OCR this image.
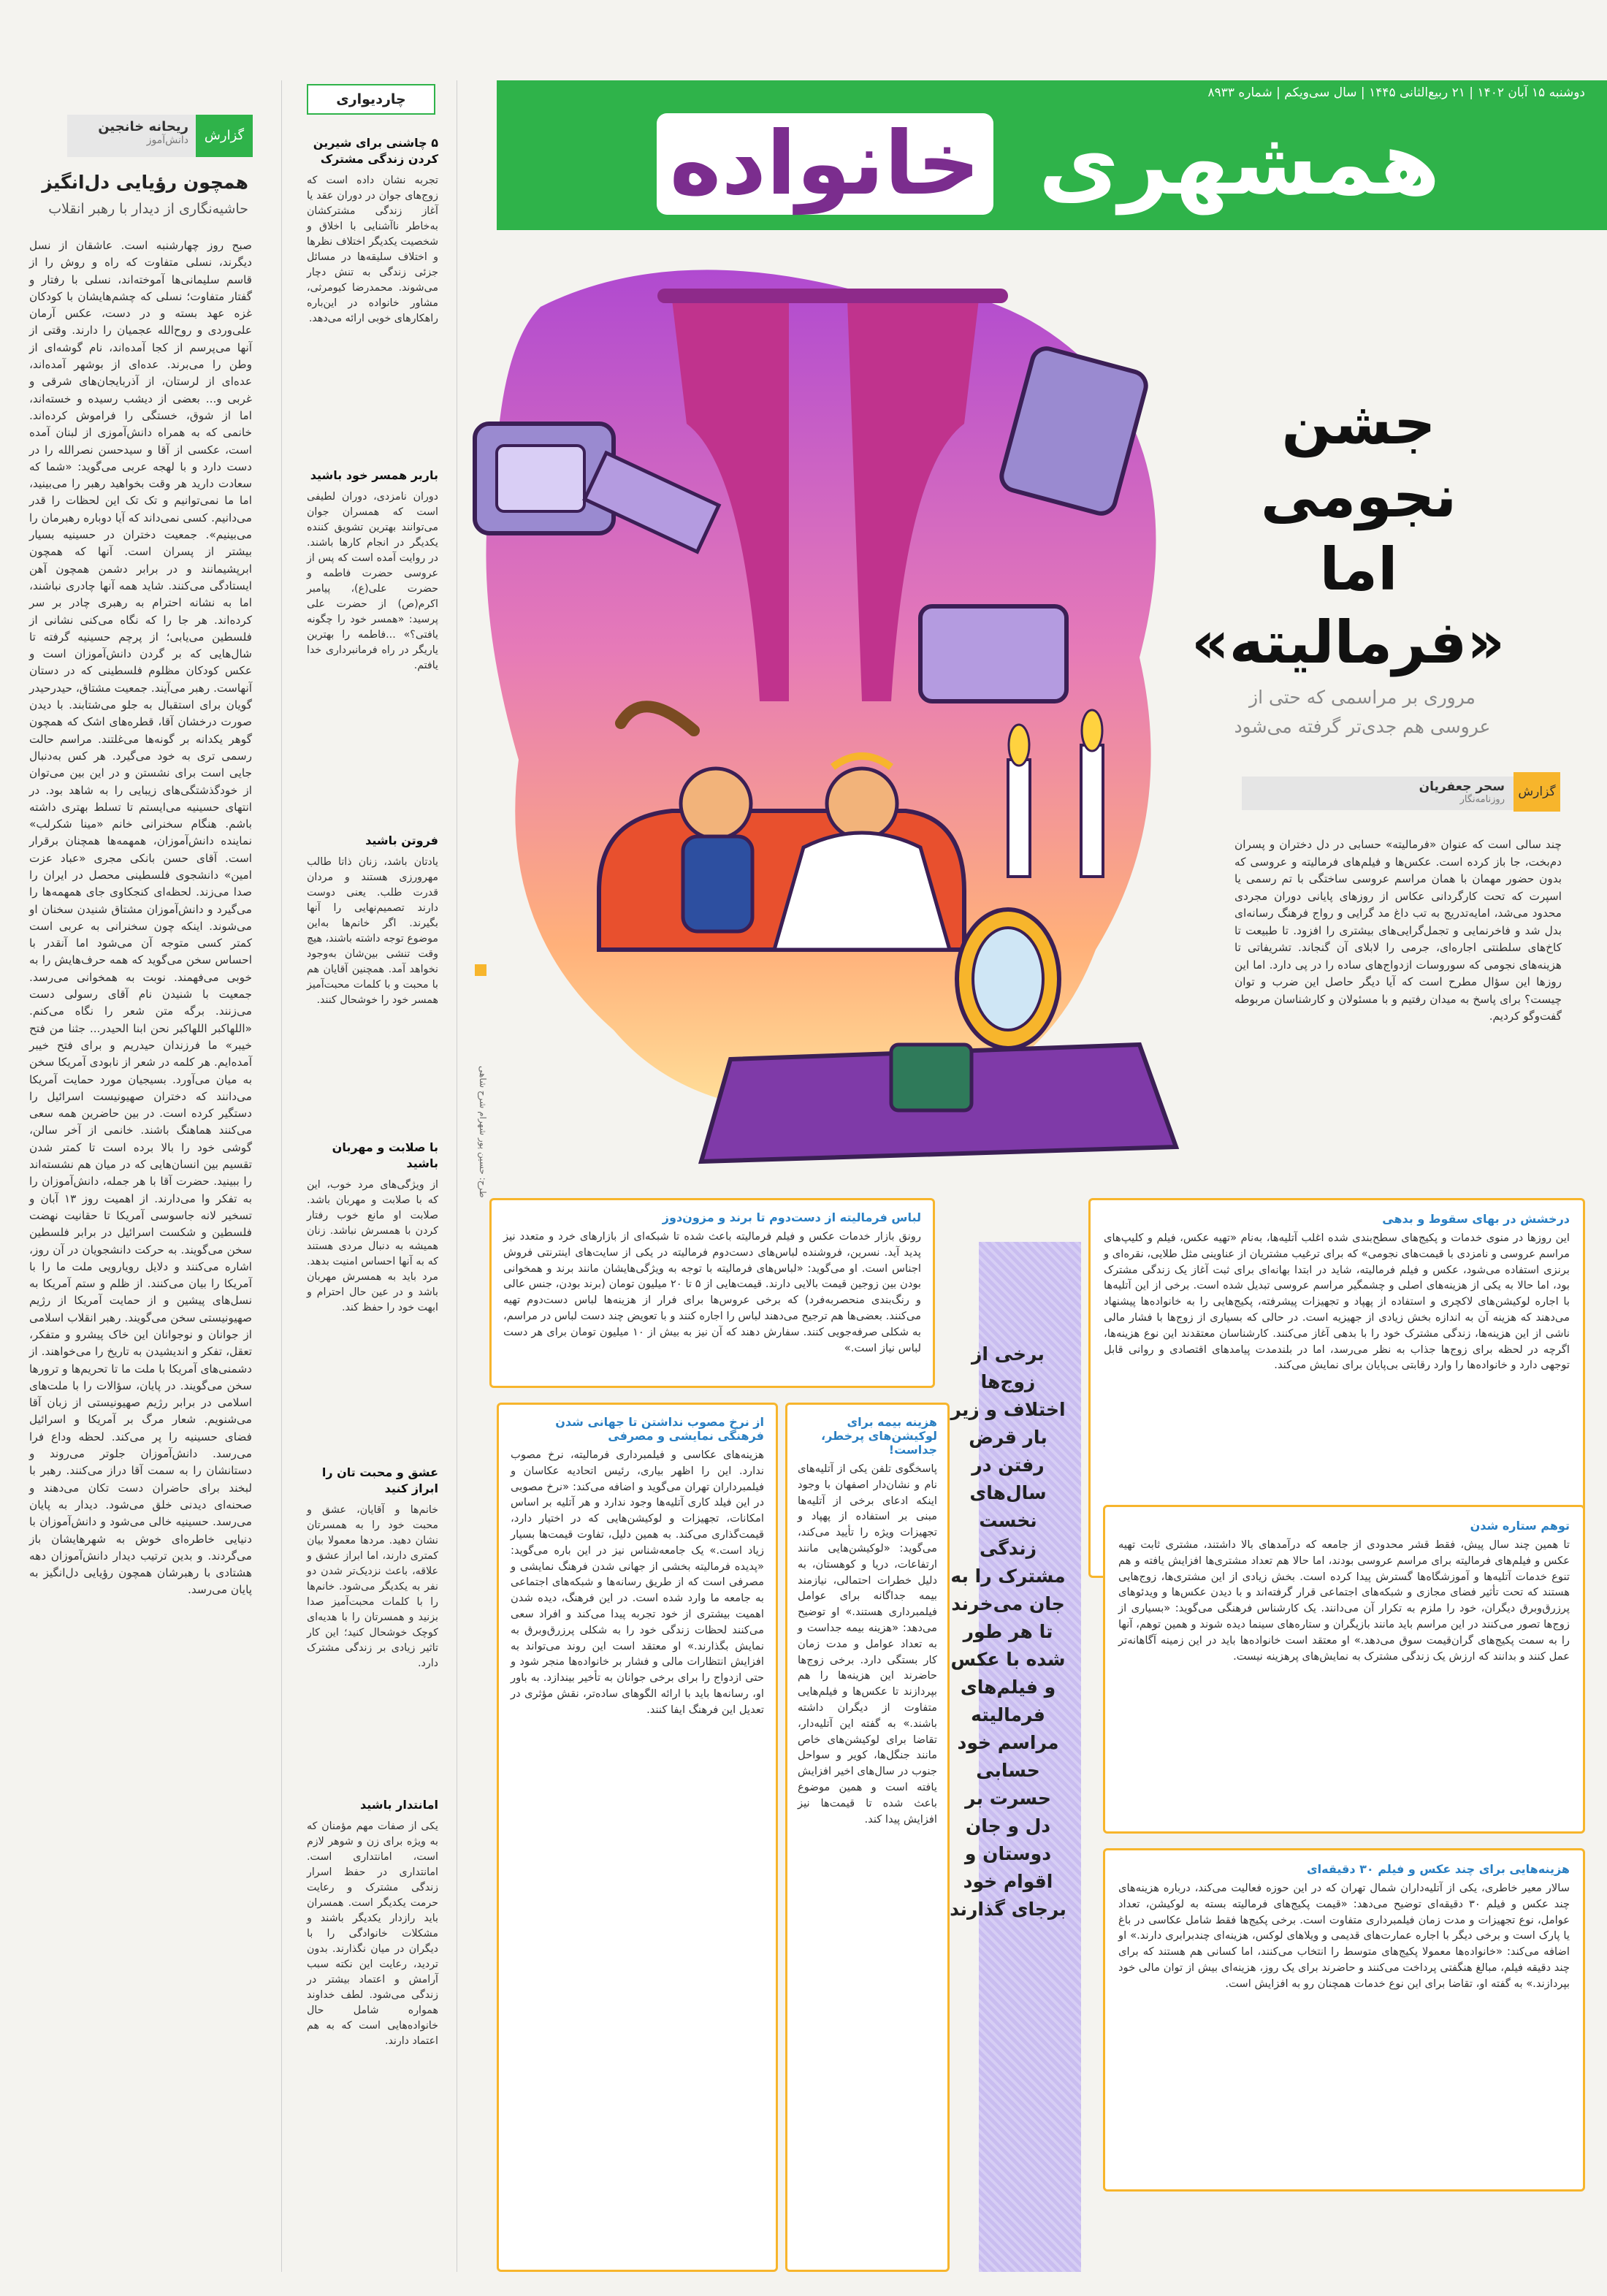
دوشنبه ۱۵ آبان ۱۴۰۲ | ۲۱ ربیع‌الثانی ۱۴۴۵ | سال سی‌ویکم | شماره ۸۹۳۳
همشهری خانواده
گزارش
ریحانه خانجین
دانش‌آموز
همچون رؤیایی دل‌انگیز
حاشیه‌نگاری از دیدار با رهبر انقلاب
صبح روز چهارشنبه است. عاشقان از نسل دیگرند، نسلی متفاوت که راه و روش را از قاسم سلیمانی‌ها آموخته‌اند، نسلی با رفتار و گفتار متفاوت؛ نسلی که چشم‌هایشان با کودکان غزه عهد بسته و در دست، عکس آرمان علی‌وردی و روح‌الله عجمیان را دارند. وقتی از آنها می‌پرسم از کجا آمده‌اند، نام گوشه‌ای از وطن را می‌برند. عده‌ای از بوشهر آمده‌اند، عده‌ای از لرستان، از آذربایجان‌های شرقی و غربی و... بعضی از دیشب رسیده و خسته‌اند، اما از شوق، خستگی را فراموش کرده‌اند. خانمی که به همراه دانش‌آموزی از لبنان آمده است، عکسی از آقا و سیدحسن نصرالله را در دست دارد و با لهجه عربی می‌گوید: «شما که سعادت دارید هر وقت بخواهید رهبر را می‌بینید، اما ما نمی‌توانیم و تک تک این لحظات را قدر می‌دانیم. کسی نمی‌داند که آیا دوباره رهبرمان را می‌بینیم». جمعیت دختران در حسینیه بسیار بیشتر از پسران است. آنها که همچون ابرپشیمانند و در برابر دشمن همچون آهن ایستادگی می‌کنند. شاید همه آنها چادری نباشند، اما به نشانه احترام به رهبری چادر بر سر کرده‌اند. هر جا را که نگاه می‌کنی نشانی از فلسطین می‌یابی؛ از پرچم حسینیه گرفته تا شال‌هایی که بر گردن دانش‌آموزان است و عکس کودکان مظلوم فلسطینی که در دستان آنهاست. رهبر می‌آیند. جمعیت مشتاق، حیدرحیدر گویان برای استقبال به جلو می‌شتابند. با دیدن صورت درخشان آقا، قطره‌های اشک که همچون گوهر یکدانه بر گونه‌ها می‌غلتند. مراسم حالت رسمی تری به خود می‌گیرد. هر کس به‌دنبال جایی است برای نشستن و در این بین می‌توان از خودگذشتگی‌های زیبایی را به شاهد بود. در انتهای حسینیه می‌ایستم تا تسلط بهتری داشته باشم. هنگام سخنرانی خانم «مینا شکرلب» نماینده دانش‌آموزان، همهمه‌ها همچنان برقرار است. آقای حسن بانکی مجری «عباد عزت امین» دانشجوی فلسطینی محصل در ایران را صدا می‌زند. لحظه‌ای کنجکاوی جای همهمه‌ها را می‌گیرد و دانش‌آموزان مشتاق شنیدن سخنان او می‌شوند. اینکه چون سخنرانی به عربی است کمتر کسی متوجه آن می‌شود اما آنقدر با احساس سخن می‌گوید که همه حرف‌هایش را به خوبی می‌فهمند. نوبت به همخوانی می‌رسد. جمعیت با شنیدن نام آقای رسولی دست می‌زنند. برگه متن شعر را نگاه می‌کنم. «اللهاکبر اللهاکبر نحن ابنا الحیدر... جثنا من فتح خیبر» ما فرزندان حیدریم و برای فتح خیبر آمده‌ایم. هر کلمه در شعر از نابودی آمریکا سخن به میان می‌آورد. بسیجیان مورد حمایت آمریکا می‌دانند که دختران صهیونیست اسرائیل را دستگیر کرده است. در بین حاضرین همه سعی می‌کنند هماهنگ باشند. خانمی از آخر سالن، گوشی خود را بالا برده است تا کمتر شدن تقسیم بین انسان‌هایی که در میان هم نشسته‌اند را ببینید. حضرت آقا با هر جمله، دانش‌آموزان را به تفکر وا می‌دارند. از اهمیت روز ۱۳ آبان و تسخیر لانه جاسوسی آمریکا تا حقانیت نهضت فلسطین و شکست اسرائیل در برابر فلسطین سخن می‌گویند. به حرکت دانشجویان در آن روز، اشاره می‌کنند و دلایل رویارویی ملت ما را با آمریکا را بیان می‌کنند. از ظلم و ستم آمریکا به نسل‌های پیشین و از حمایت آمریکا از رژیم صهیونیستی سخن می‌گویند. رهبر انقلاب اسلامی از جوانان و نوجوانان این خاک پیشرو و متفکر، تعقل، تفکر و اندیشیدن به تاریخ را می‌خواهند. از دشمنی‌های آمریکا با ملت ما تا تحریم‌ها و ترورها سخن می‌گویند. در پایان، سؤالات را با ملت‌های اسلامی در برابر رژیم صهیونیستی از زبان آقا می‌شنویم. شعار مرگ بر آمریکا و اسرائیل فضای حسینیه را پر می‌کند. لحظه وداع فرا می‌رسد. دانش‌آموزان جلوتر می‌روند و دستانشان را به سمت آقا دراز می‌کنند. رهبر با لبخند برای حاضران دست تکان می‌دهند و صحنه‌ای دیدنی خلق می‌شود. دیدار به پایان می‌رسد. حسینیه خالی می‌شود و دانش‌آموزان با دنیایی خاطره‌ای خوش به شهرهایشان باز می‌گردند. و بدین ترتیب دیدار دانش‌آموزان دهه هشتادی با رهبرشان همچون رؤیایی دل‌انگیز به پایان می‌رسد.
چاردیواری
۵ چاشنی برای شیرین کردن زندگی مشترک
تجربه نشان داده است که زوج‌های جوان در دوران عقد یا آغاز زندگی مشترکشان به‌خاطر ناآشنایی با اخلاق و شخصیت یکدیگر اختلاف نظرها و اختلاف سلیقه‌ها در مسائل جزئی زندگی به تنش دچار می‌شوند. محمدرضا کیومرثی، مشاور خانواده در این‌باره راهکارهای خوبی ارائه می‌دهد.
باربر همسر خود باشید
دوران نامزدی، دوران لطیفی است که همسران جوان می‌توانند بهترین تشویق کننده یکدیگر در انجام کارها باشند. در روایت آمده است که پس از عروسی حضرت فاطمه و حضرت علی(ع)، پیامبر اکرم(ص) از حضرت علی پرسید: «همسر خود را چگونه یافتی؟» ...فاطمه را بهترین یاریگر در راه فرمانبرداری خدا یافتم.
فروتن باشید
یادتان باشد، زنان ذاتا طالب مهرورزی هستند و مردان قدرت طلب. یعنی دوست دارند تصمیم‌نهایی را آنها بگیرند. اگر خانم‌ها به‌این موضوع توجه داشته باشند، هیچ وقت تنشی بین‌شان به‌وجود نخواهد آمد. همچنین آقایان هم با محبت و با کلمات محبت‌آمیز همسر خود را خوشحال کنند.
با صلابت و مهربان باشید
از ویژگی‌های مرد خوب، این که با صلابت و مهربان باشد. صلابت او مانع خوب رفتار کردن با همسرش نباشد. زنان همیشه به دنبال مردی هستند که به آنها احساس امنیت بدهد. مرد باید به همسرش مهربان باشد و در عین حال احترام و ابهت خود را حفظ کند.
عشق و محبت تان را ابراز کنید
خانم‌ها و آقایان، عشق و محبت خود را به همسرتان نشان دهید. مردها معمولا بیان کمتری دارند، اما ابراز عشق و علاقه، باعث نزدیک‌تر شدن دو نفر به یکدیگر می‌شود. خانم‌ها را با کلمات محبت‌آمیز صدا بزنید و همسرتان را با هدیه‌ای کوچک خوشحال کنید؛ این کار تاثیر زیادی بر زندگی مشترک دارد.
امانتدار باشید
یکی از صفات مهم مؤمنان که به ویژه برای زن و شوهر لازم است، امانتداری است. امانتداری در حفظ اسرار زندگی مشترک و رعایت حرمت یکدیگر است. همسران باید رازدار یکدیگر باشند و مشکلات خانوادگی را با دیگران در میان نگذارند. بدون تردید، رعایت این نکته سبب آرامش و اعتماد بیشتر در زندگی می‌شود. لطف خداوند همواره شامل حال خانواده‌هایی است که به هم اعتماد دارند.
طرح: حسین پور شهرام شرح شاهی
جشن نجومی اما «فرمالیته»
مروری بر مراسمی که حتی از عروسی هم جدی‌تر گرفته می‌شود
گزارش
سحر جعفریان
روزنامه‌نگار
چند سالی است که عنوان «فرمالیته» حسابی در دل دختران و پسران دم‌بخت، جا باز کرده است. عکس‌ها و فیلم‌های فرمالیته و عروسی که بدون حضور مهمان با همان مراسم عروسی ساختگی با تم رسمی یا اسپرت که تحت کارگردانی عکاس از روزهای پایانی دوران مجردی محدود می‌شد، امایه‌تدریج به تب داغ مد گرایی و رواج فرهنگ رسانه‌ای بدل شد و فاخرنمایی و تجمل‌گرایی‌های بیشتری را افزود. تا طبیعت تا کاخ‌های سلطنتی اجاره‌ای، جرمی را لابلای آن گنجاند. تشریفاتی تا هزینه‌های نجومی که سوروسات ازدواج‌های ساده را در پی دارد. اما این روزها این سؤال مطرح است که آیا دیگر حاصل این ضرب و توان چیست؟ برای پاسخ به میدان رفتیم و با مسئولان و کارشناسان مربوطه گفت‌وگو کردیم.
درخشش در بهای سقوط و بدهی
این روزها در منوی خدمات و پکیج‌های سطح‌بندی شده اغلب آتلیه‌ها، به‌نام «تهیه عکس، فیلم و کلیپ‌های مراسم عروسی و نامزدی با قیمت‌های نجومی» که برای ترغیب مشتریان از عناوینی مثل طلایی، نقره‌ای و برنزی استفاده می‌شود، عکس و فیلم فرمالیته، شاید در ابتدا بهانه‌ای برای ثبت آغاز یک زندگی مشترک بود، اما حالا به یکی از هزینه‌های اصلی و چشمگیر مراسم عروسی تبدیل شده است. برخی از این آتلیه‌ها با اجاره لوکیشن‌های لاکچری و استفاده از پهپاد و تجهیزات پیشرفته، پکیج‌هایی را به خانواده‌ها پیشنهاد می‌دهند که هزینه آن به اندازه بخش زیادی از جهیزیه است. در حالی که بسیاری از زوج‌ها با فشار مالی ناشی از این هزینه‌ها، زندگی مشترک خود را با بدهی آغاز می‌کنند. کارشناسان معتقدند این نوع هزینه‌ها، اگرچه در لحظه برای زوج‌ها جذاب به نظر می‌رسد، اما در بلندمدت پیامدهای اقتصادی و روانی قابل توجهی دارد و خانواده‌ها را وارد رقابتی بی‌پایان برای نمایش می‌کند.
توهم ستاره شدن
تا همین چند سال پیش، فقط قشر محدودی از جامعه که درآمدهای بالا داشتند، مشتری ثابت تهیه عکس و فیلم‌های فرمالیته برای مراسم عروسی بودند، اما حالا هم تعداد مشتری‌ها افزایش یافته و هم تنوع خدمات آتلیه‌ها و آموزشگاه‌ها گسترش پیدا کرده است. بخش زیادی از این مشتری‌ها، زوج‌هایی هستند که تحت تأثیر فضای مجازی و شبکه‌های اجتماعی قرار گرفته‌اند و با دیدن عکس‌ها و ویدئوهای پرزرق‌وبرق دیگران، خود را ملزم به تکرار آن می‌دانند. یک کارشناس فرهنگی می‌گوید: «بسیاری از زوج‌ها تصور می‌کنند در این مراسم باید مانند بازیگران و ستاره‌های سینما دیده شوند و همین توهم، آنها را به سمت پکیج‌های گران‌قیمت سوق می‌دهد.» او معتقد است خانواده‌ها باید در این زمینه آگاهانه‌تر عمل کنند و بدانند که ارزش یک زندگی مشترک به نمایش‌های پرهزینه نیست.
هزینه‌هایی برای چند عکس و فیلم ۳۰ دقیقه‌ای
سالار معیر خاطری، یکی از آتلیه‌داران شمال تهران که در این حوزه فعالیت می‌کند، درباره هزینه‌های چند عکس و فیلم ۳۰ دقیقه‌ای توضیح می‌دهد: «قیمت پکیج‌های فرمالیته بسته به لوکیشن، تعداد عوامل، نوع تجهیزات و مدت زمان فیلمبرداری متفاوت است. برخی پکیج‌ها فقط شامل عکاسی در باغ یا پارک است و برخی دیگر با اجاره عمارت‌های قدیمی و ویلاهای لوکس، هزینه‌ای چندبرابری دارند.» او اضافه می‌کند: «خانواده‌ها معمولا پکیج‌های متوسط را انتخاب می‌کنند، اما کسانی هم هستند که برای چند دقیقه فیلم، مبالغ هنگفتی پرداخت می‌کنند و حاضرند برای یک روز، هزینه‌ای بیش از توان مالی خود بپردازند.» به گفته او، تقاضا برای این نوع خدمات همچنان رو به افزایش است.
لباس فرمالیته از دست‌دوم تا برند و مزون‌دوز
رونق بازار خدمات عکس و فیلم فرمالیته باعث شده تا شبکه‌ای از بازارهای خرد و متعدد نیز پدید آید. نسرین، فروشنده لباس‌های دست‌دوم فرمالیته در یکی از سایت‌های اینترنتی فروش اجناس است. او می‌گوید: «لباس‌های فرمالیته با توجه به ویژگی‌هایشان مانند برند و همخوانی بودن بین زوجین قیمت بالایی دارند. قیمت‌هایی از ۵ تا ۲۰ میلیون تومان (برند بودن، جنس عالی و رنگ‌بندی منحصربه‌فرد) که برخی عروس‌ها برای فرار از هزینه‌ها لباس دست‌دوم تهیه می‌کنند. بعضی‌ها هم ترجیح می‌دهند لباس را اجاره کنند و با تعویض چند دست لباس در مراسم، به شکلی صرفه‌جویی کنند. سفارش دهند که آن نیز به بیش از ۱۰ میلیون تومان برای هر دست لباس نیاز است.»
از نرخ مصوب نداشتن تا جهانی شدن فرهنگی نمایشی و مصرفی
هزینه‌های عکاسی و فیلمبرداری فرمالیته، نرخ مصوب ندارد. این را اظهر بیاری، رئیس اتحادیه عکاسان و فیلمبرداران تهران می‌گوید و اضافه می‌کند: «نرخ مصوبی در این فیلد کاری آتلیه‌ها وجود ندارد و هر آتلیه بر اساس امکانات، تجهیزات و لوکیشن‌هایی که در اختیار دارد، قیمت‌گذاری می‌کند. به همین دلیل، تفاوت قیمت‌ها بسیار زیاد است.» یک جامعه‌شناس نیز در این باره می‌گوید: «پدیده فرمالیته بخشی از جهانی شدن فرهنگ نمایشی و مصرفی است که از طریق رسانه‌ها و شبکه‌های اجتماعی به جامعه ما وارد شده است. در این فرهنگ، دیده شدن اهمیت بیشتری از خود تجربه پیدا می‌کند و افراد سعی می‌کنند لحظات زندگی خود را به شکلی پرزرق‌وبرق به نمایش بگذارند.» او معتقد است این روند می‌تواند به افزایش انتظارات مالی و فشار بر خانواده‌ها منجر شود و حتی ازدواج را برای برخی جوانان به تأخیر بیندازد. به باور او، رسانه‌ها باید با ارائه الگوهای ساده‌تر، نقش مؤثری در تعدیل این فرهنگ ایفا کنند.
هزینه بیمه برای لوکیشن‌های پرخطر، جداست!
پاسخگوی تلفن یکی از آتلیه‌های نام و نشان‌دار اصفهان با وجود اینکه ادعای برخی از آتلیه‌ها مبنی بر استفاده از پهپاد و تجهیزات ویژه را تأیید می‌کند، می‌گوید: «لوکیشن‌هایی مانند ارتفاعات، دریا و کوهستان، به دلیل خطرات احتمالی، نیازمند بیمه جداگانه برای عوامل فیلمبرداری هستند.» او توضیح می‌دهد: «هزینه بیمه جداست و به تعداد عوامل و مدت زمان کار بستگی دارد. برخی زوج‌ها حاضرند این هزینه‌ها را هم بپردازند تا عکس‌ها و فیلم‌هایی متفاوت از دیگران داشته باشند.» به گفته این آتلیه‌دار، تقاضا برای لوکیشن‌های خاص مانند جنگل‌ها، کویر و سواحل جنوب در سال‌های اخیر افزایش یافته است و همین موضوع باعث شده تا قیمت‌ها نیز افزایش پیدا کند.
برخی از زوج‌ها اختلاف و زیر بار قرض رفتن در سال‌های نخست زندگی مشترک را به جان می‌خرند تا هر طور شده با عکس و فیلم‌های فرمالیته مراسم خود حسابی حسرت بر دل و جان دوستان و اقوام خود برجای گذارند
